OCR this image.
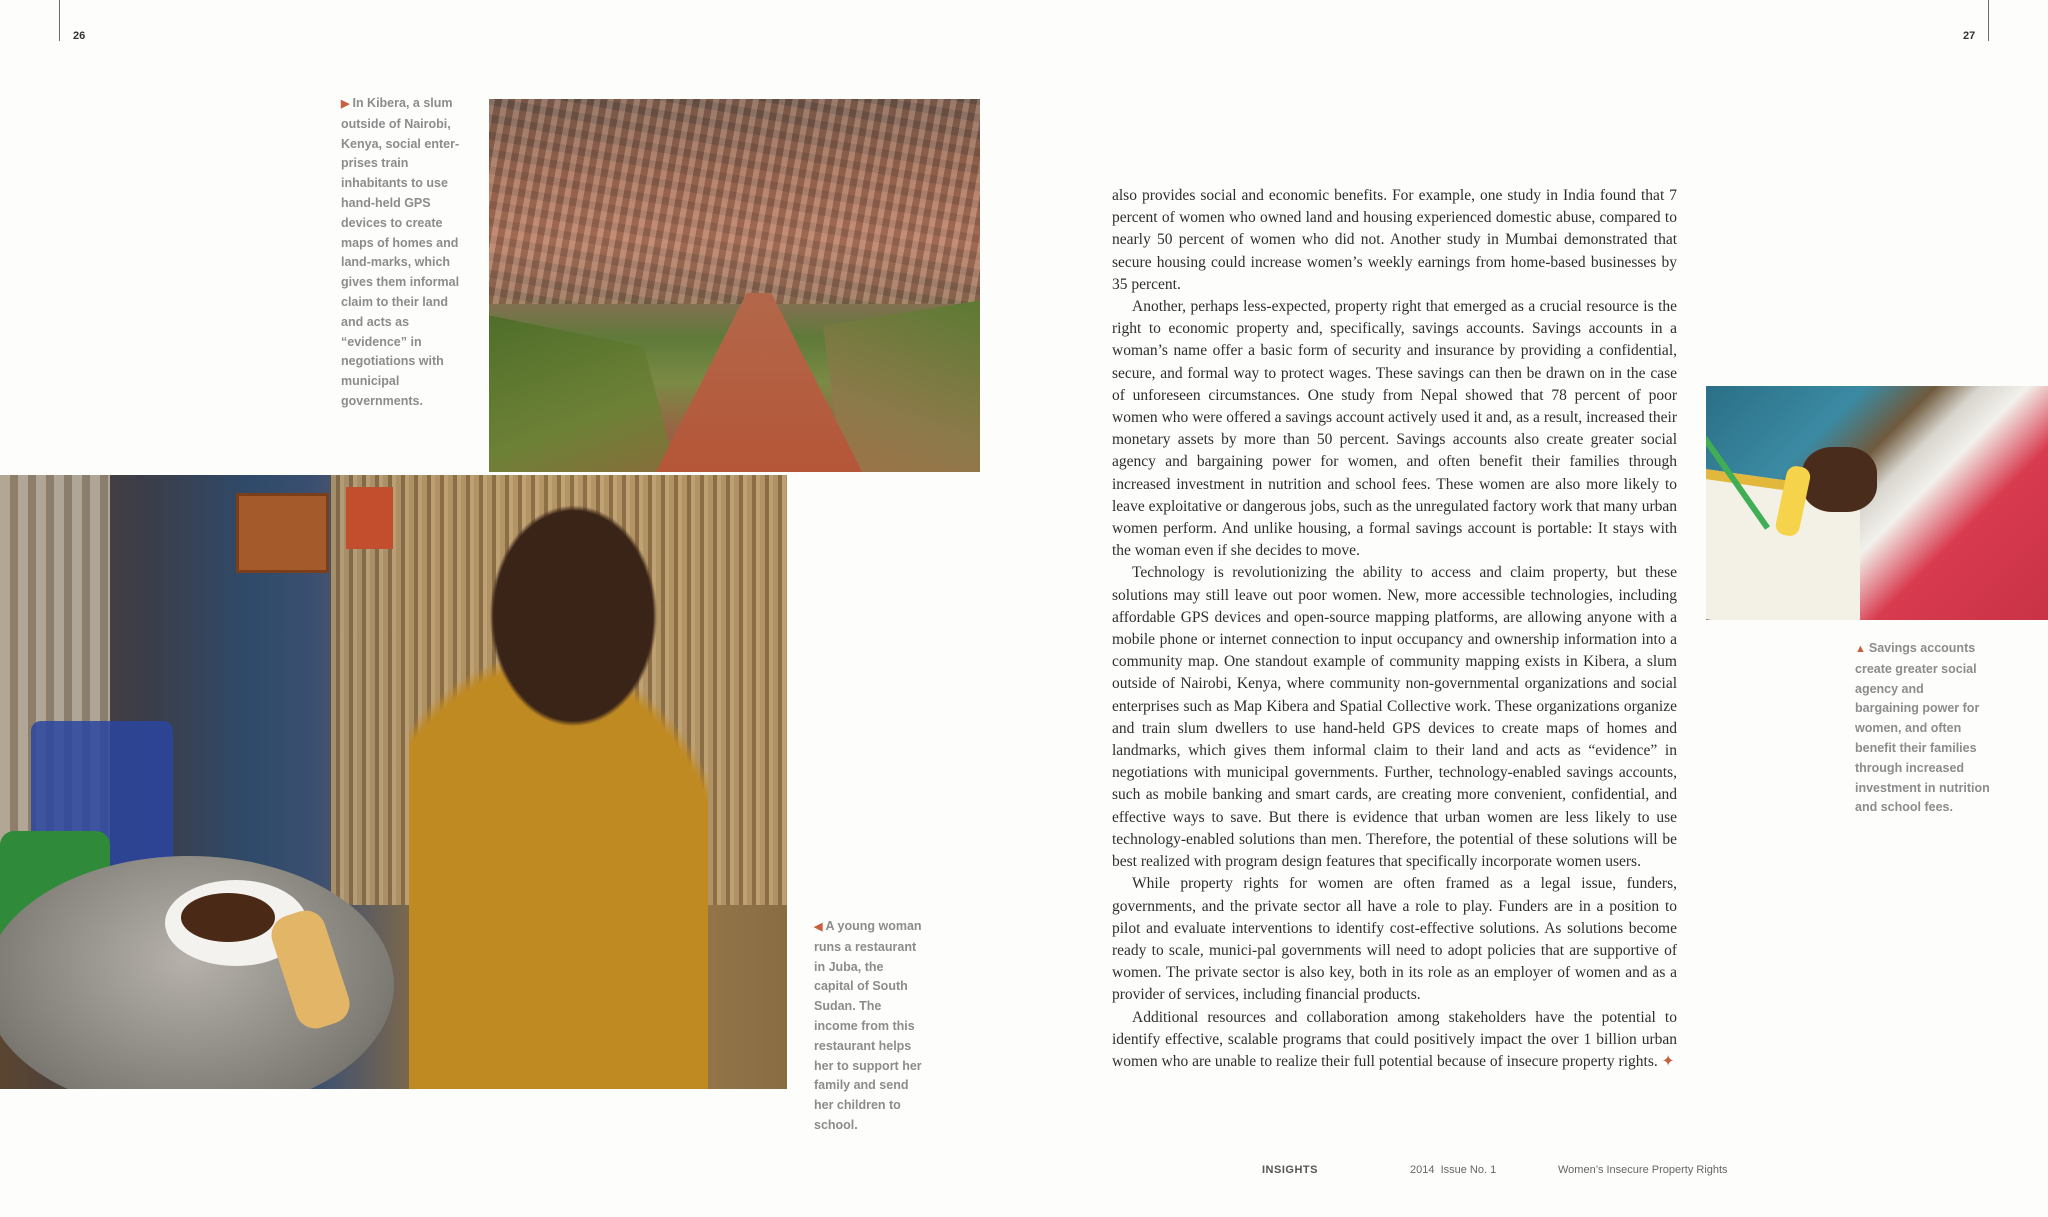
26	27

▶ In Kibera, a slum outside of Nairobi, Kenya, social enter-prises train inhabitants to use hand-held GPS devices to create maps of homes and land-marks, which gives them informal claim to their land and acts as “evidence” in negotiations with municipal governments.

◀ A young woman runs a restaurant in Juba, the capital of South Sudan. The income from this restaurant helps her to support her family and send her children to school.

also provides social and economic benefits. For example, one study in India found that 7 percent of women who owned land and housing experienced domestic abuse, compared to nearly 50 percent of women who did not. Another study in Mumbai demonstrated that secure housing could increase women’s weekly earnings from home-based businesses by 35 percent.

Another, perhaps less-expected, property right that emerged as a crucial resource is the right to economic property and, specifically, savings accounts. Savings accounts in a woman’s name offer a basic form of security and insurance by providing a confidential, secure, and formal way to protect wages. These savings can then be drawn on in the case of unforeseen circumstances. One study from Nepal showed that 78 percent of poor women who were offered a savings account actively used it and, as a result, increased their monetary assets by more than 50 percent. Savings accounts also create greater social agency and bargaining power for women, and often benefit their families through increased investment in nutrition and school fees. These women are also more likely to leave exploitative or dangerous jobs, such as the unregulated factory work that many urban women perform. And unlike housing, a formal savings account is portable: It stays with the woman even if she decides to move.

Technology is revolutionizing the ability to access and claim property, but these solutions may still leave out poor women. New, more accessible technologies, including affordable GPS devices and open-source mapping platforms, are allowing anyone with a mobile phone or internet connection to input occupancy and ownership information into a community map. One standout example of community mapping exists in Kibera, a slum outside of Nairobi, Kenya, where community non-governmental organizations and social enterprises such as Map Kibera and Spatial Collective work. These organizations organize and train slum dwellers to use hand-held GPS devices to create maps of homes and landmarks, which gives them informal claim to their land and acts as “evidence” in negotiations with municipal governments. Further, technology-enabled savings accounts, such as mobile banking and smart cards, are creating more convenient, confidential, and effective ways to save. But there is evidence that urban women are less likely to use technology-enabled solutions than men. Therefore, the potential of these solutions will be best realized with program design features that specifically incorporate women users.

While property rights for women are often framed as a legal issue, funders, governments, and the private sector all have a role to play. Funders are in a position to pilot and evaluate interventions to identify cost-effective solutions. As solutions become ready to scale, munici-pal governments will need to adopt policies that are supportive of women. The private sector is also key, both in its role as an employer of women and as a provider of services, including financial products.

Additional resources and collaboration among stakeholders have the potential to identify effective, scalable programs that could positively impact the over 1 billion urban women who are unable to realize their full potential because of insecure property rights. ✦

▲ Savings accounts create greater social agency and bargaining power for women, and often benefit their families through increased investment in nutrition and school fees.

INSIGHTS	2014  Issue No. 1	Women’s Insecure Property Rights
